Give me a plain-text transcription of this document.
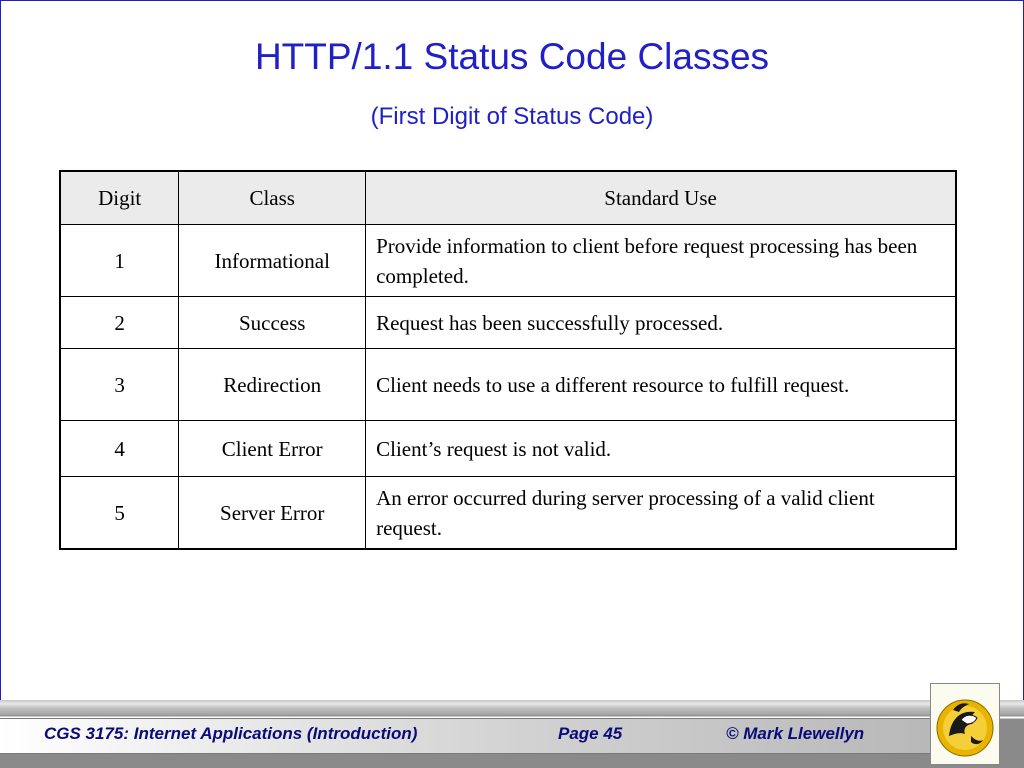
HTTP/1.1 Status Code Classes

(First Digit of Status Code)

Digit	Class	Standard Use
1	Informational	Provide information to client before request processing has been completed.
2	Success	Request has been successfully processed.
3	Redirection	Client needs to use a different resource to fulfill request.
4	Client Error	Client’s request is not valid.
5	Server Error	An error occurred during server processing of a valid client request.
CGS 3175: Internet Applications (Introduction)	Page 45	© Mark Llewellyn
